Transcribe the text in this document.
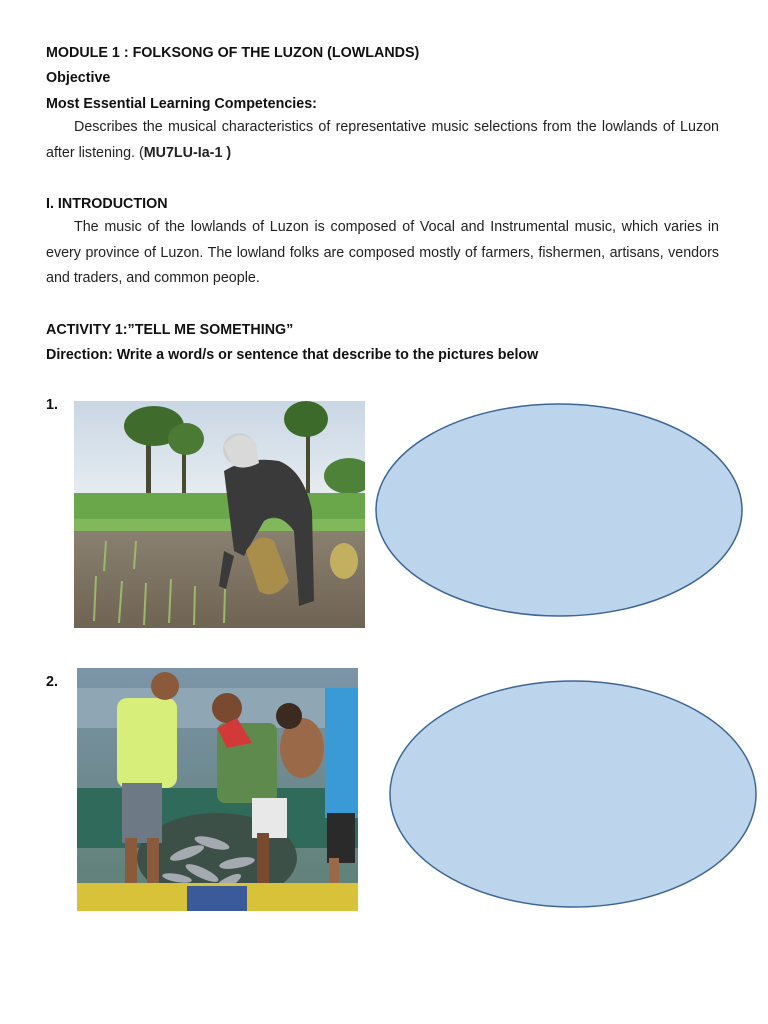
MODULE 1 : FOLKSONG OF THE LUZON (LOWLANDS)
Objective
Most Essential Learning Competencies:
Describes the musical characteristics of representative music selections from the lowlands of Luzon after listening. (MU7LU-Ia-1 )
I. INTRODUCTION
The music of the lowlands of Luzon is composed of Vocal and Instrumental music, which varies in every province of Luzon. The lowland folks are composed mostly of farmers, fishermen, artisans, vendors and traders, and common people.
ACTIVITY 1:”TELL ME SOMETHING”
Direction: Write a word/s or sentence that describe to the pictures below
1.
2.
